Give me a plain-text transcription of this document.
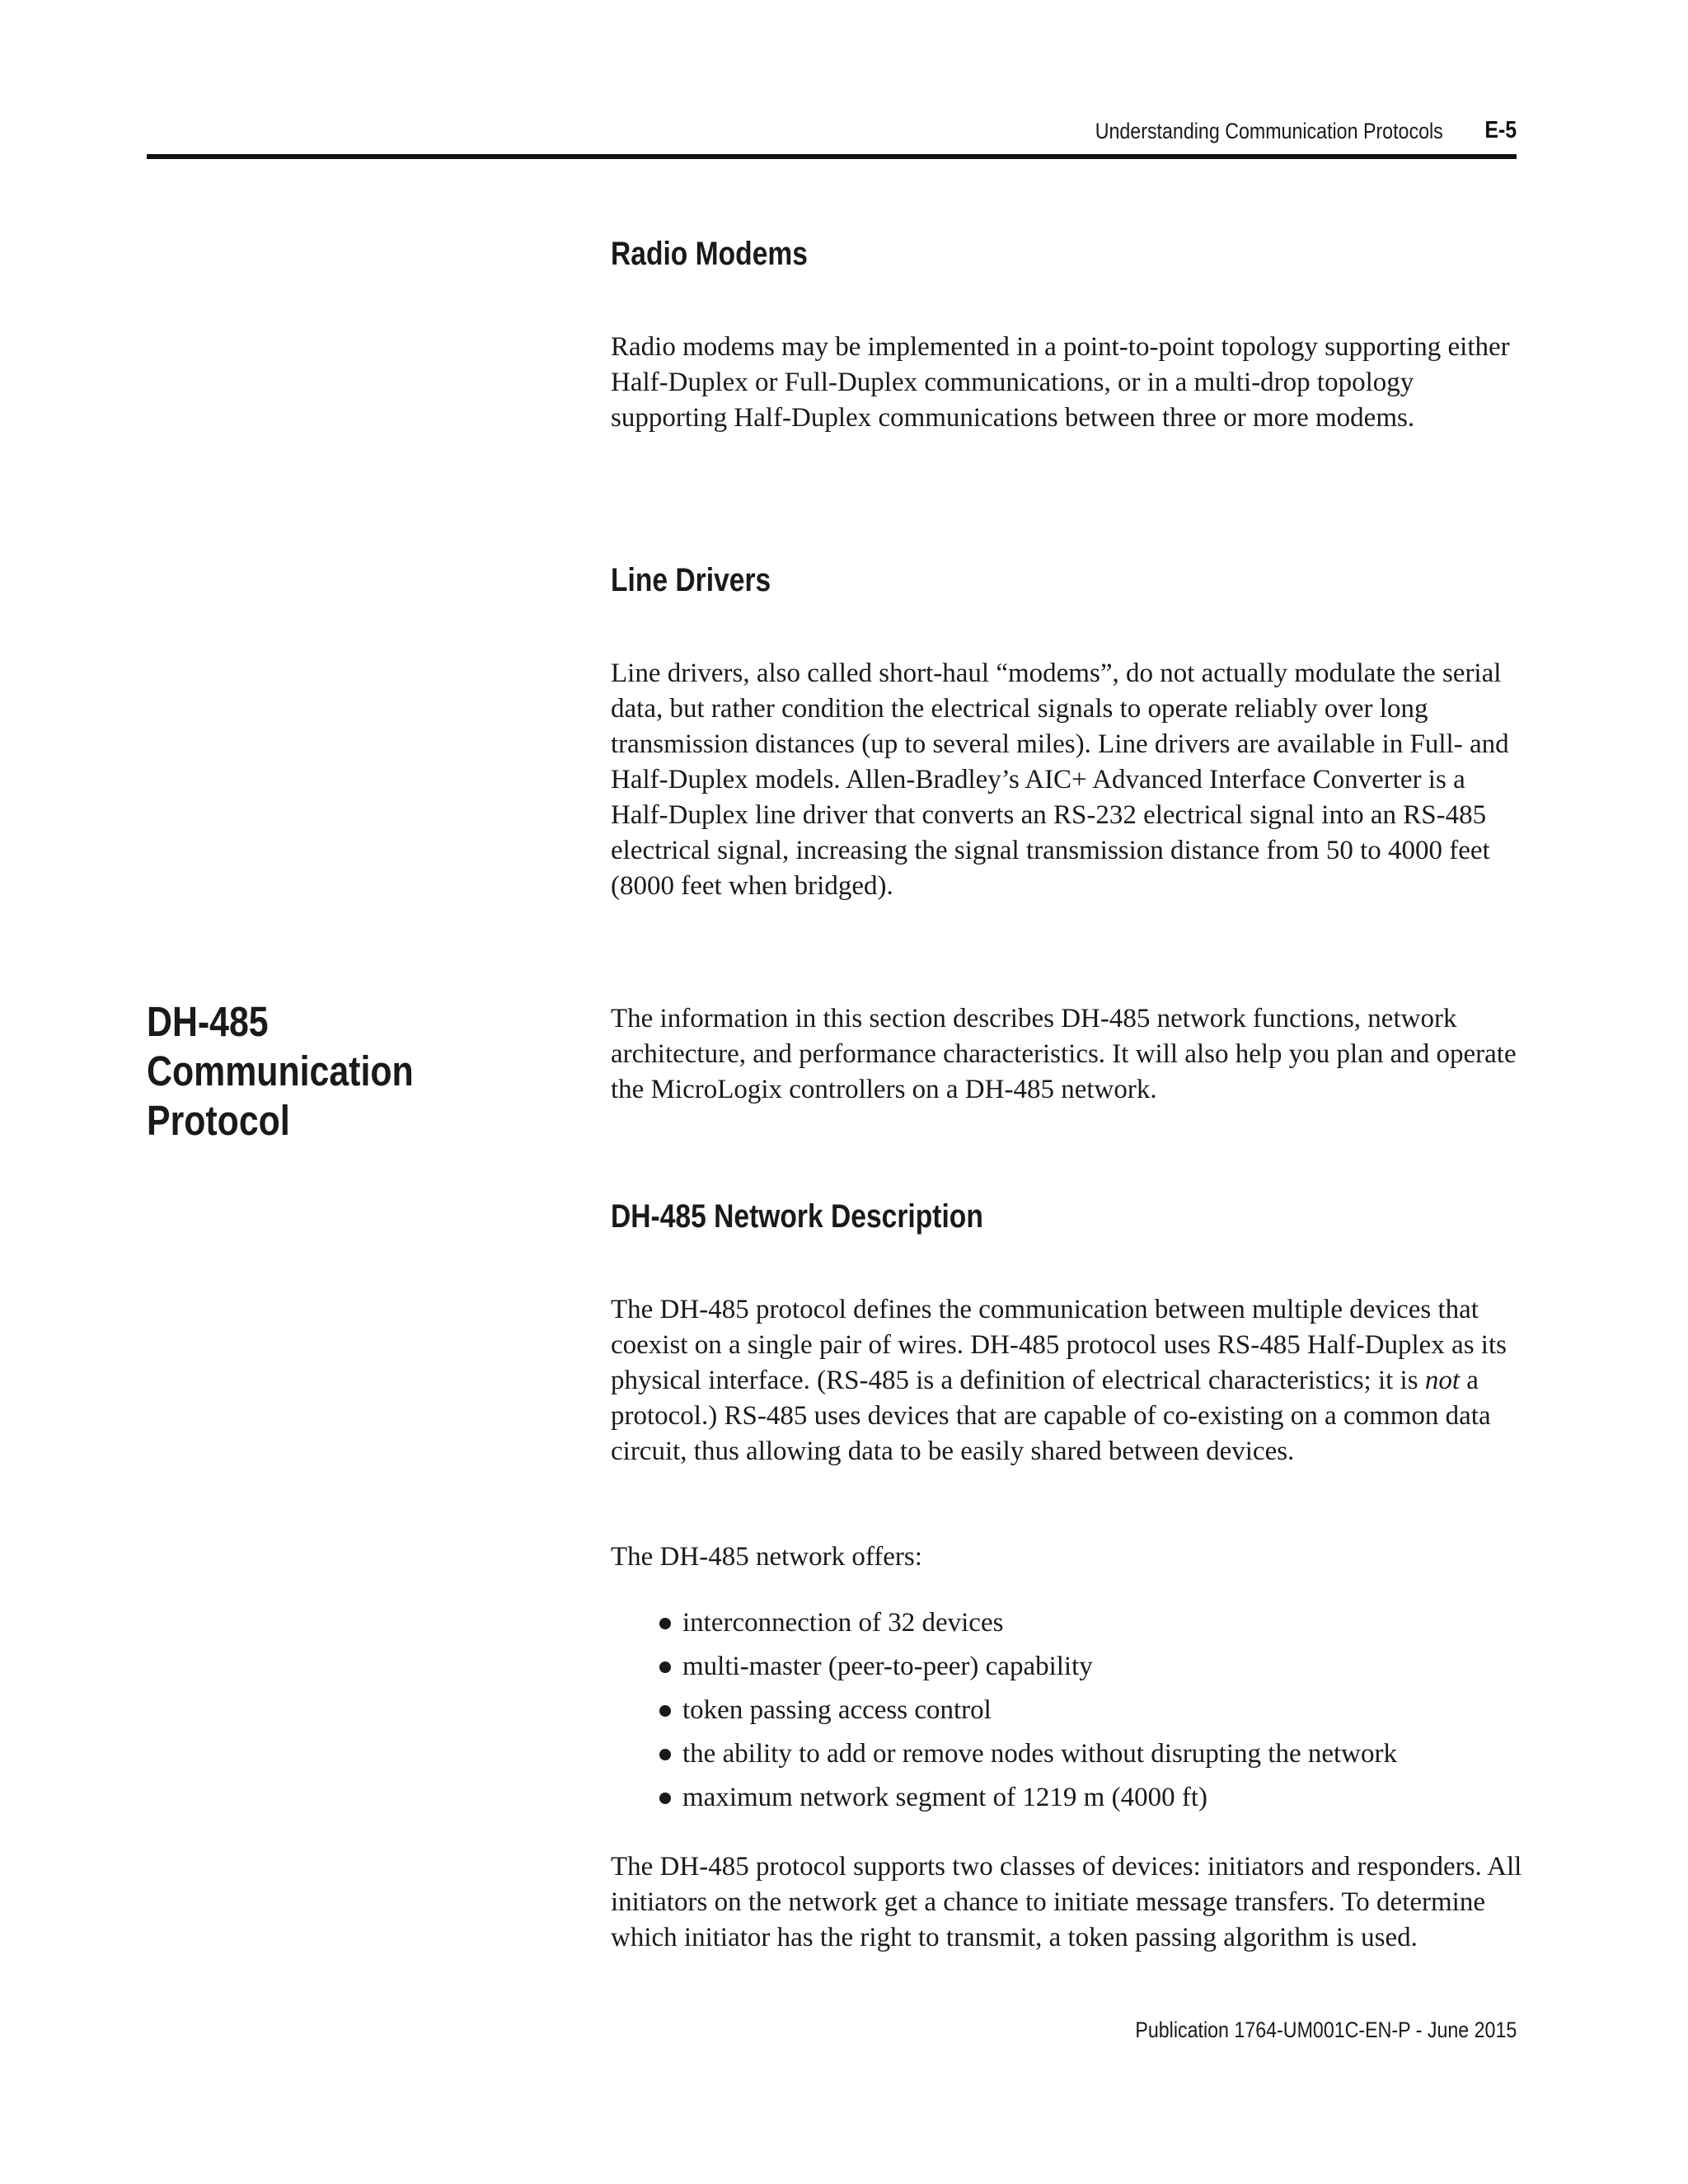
Understanding Communication Protocols E-5
Radio Modems

Radio modems may be implemented in a point-to-point topology supporting either Half-Duplex or Full-Duplex communications, or in a multi-drop topology supporting Half-Duplex communications between three or more modems.

Line Drivers

Line drivers, also called short-haul “modems”, do not actually modulate the serial data, but rather condition the electrical signals to operate reliably over long transmission distances (up to several miles). Line drivers are available in Full- and Half-Duplex models. Allen-Bradley’s AIC+ Advanced Interface Converter is a Half-Duplex line driver that converts an RS-232 electrical signal into an RS-485 electrical signal, increasing the signal transmission distance from 50 to 4000 feet (8000 feet when bridged).

DH-485 Communication Protocol

The information in this section describes DH-485 network functions, network architecture, and performance characteristics. It will also help you plan and operate the MicroLogix controllers on a DH-485 network.

DH-485 Network Description

The DH-485 protocol defines the communication between multiple devices that coexist on a single pair of wires. DH-485 protocol uses RS-485 Half-Duplex as its physical interface. (RS-485 is a definition of electrical characteristics; it is not a protocol.) RS-485 uses devices that are capable of co-existing on a common data circuit, thus allowing data to be easily shared between devices.

The DH-485 network offers:

interconnection of 32 devices
multi-master (peer-to-peer) capability
token passing access control
the ability to add or remove nodes without disrupting the network
maximum network segment of 1219 m (4000 ft)

The DH-485 protocol supports two classes of devices: initiators and responders. All initiators on the network get a chance to initiate message transfers. To determine which initiator has the right to transmit, a token passing algorithm is used.

Publication 1764-UM001C-EN-P - June 2015
